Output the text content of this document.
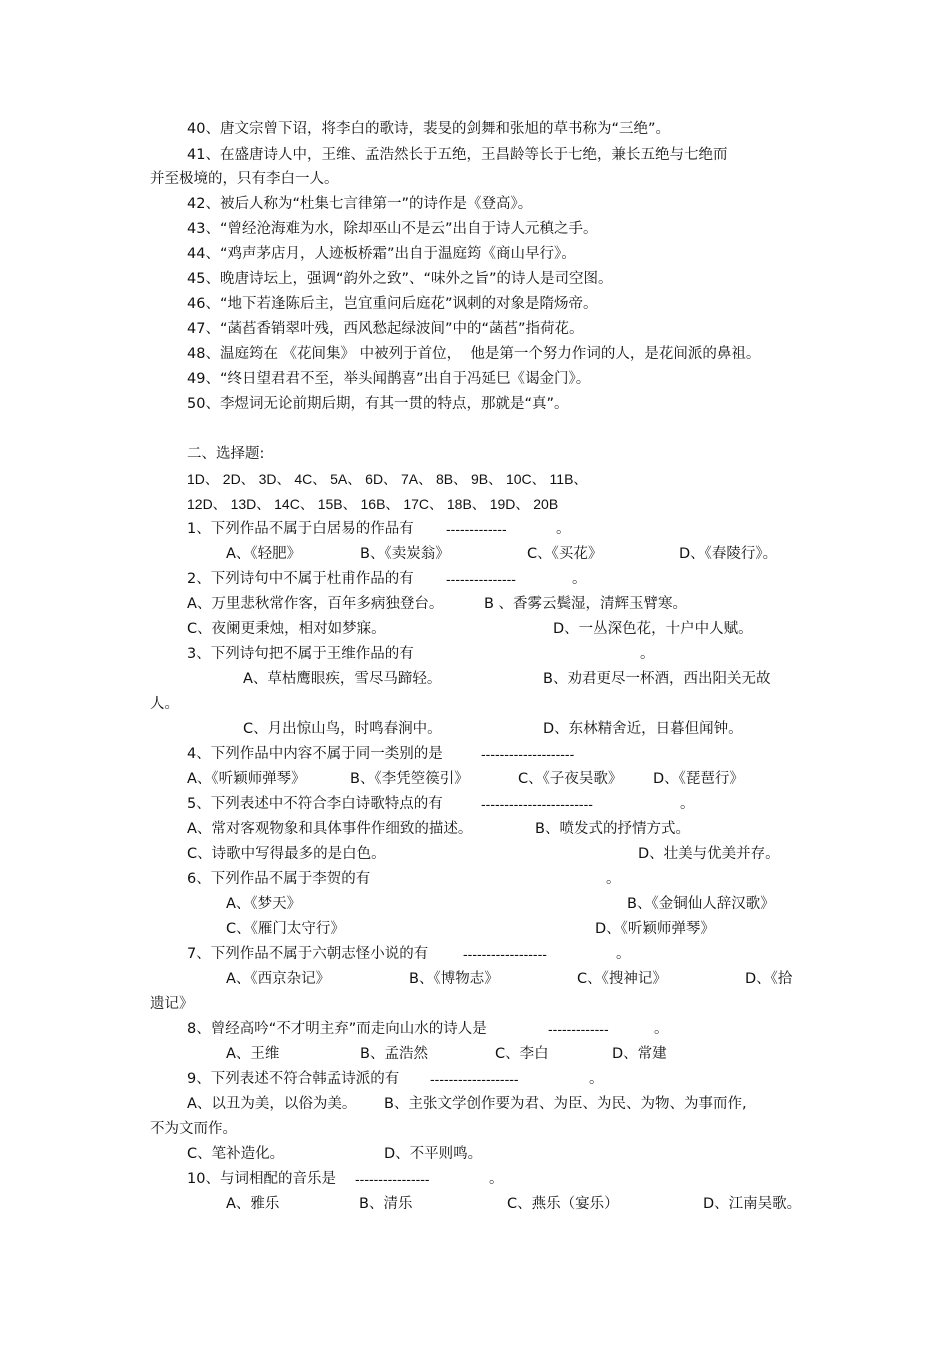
40、唐文宗曾下诏，将李白的歌诗，裴旻的剑舞和张旭的草书称为“三绝”。
41、在盛唐诗人中，王维、孟浩然长于五绝，王昌龄等长于七绝，兼长五绝与七绝而
并至极境的，只有李白一人。
42、被后人称为“杜集七言律第一”的诗作是《登高》。
43、“曾经沧海难为水，除却巫山不是云”出自于诗人元稹之手。
44、“鸡声茅店月，人迹板桥霜”出自于温庭筠《商山早行》。
45、晚唐诗坛上，强调“韵外之致”、“味外之旨”的诗人是司空图。
46、“地下若逢陈后主，岂宜重问后庭花”讽刺的对象是隋炀帝。
47、“菡萏香销翠叶残，西风愁起绿波间”中的“菡萏”指荷花。
48、温庭筠在 《花间集》 中被列于首位，  他是第一个努力作词的人，是花间派的鼻祖。
49、“终日望君君不至，举头闻鹊喜”出自于冯延巳《谒金门》。
50、李煜词无论前期后期，有其一贯的特点，那就是“真”。
二、选择题:
1D、 2D、 3D、 4C、 5A、 6D、 7A、 8B、 9B、 10C、 11B、
12D、 13D、 14C、 15B、 16B、 17C、 18B、 19D、 20B
1、下列作品不属于白居易的作品有 -------------	。
A、《轻肥》	B、《卖炭翁》	C、《买花》	D、《春陵行》。
2、下列诗句中不属于杜甫作品的有 ---------------	。
A、万里悲秋常作客，百年多病独登台。	B 、香雾云鬓湿，清辉玉臂寒。
C、夜阑更秉烛，相对如梦寐。	D、一丛深色花，十户中人赋。
3、下列诗句把不属于王维作品的有	。
A、草枯鹰眼疾，雪尽马蹄轻。	B、劝君更尽一杯酒，西出阳关无故
人。
C、月出惊山鸟，时鸣春涧中。	D、东林精舍近，日暮但闻钟。
4、下列作品中内容不属于同一类别的是	--------------------
A、《听颖师弹琴》	B、《李凭箜篌引》	C、《子夜吴歌》 D、《琵琶行》
5、下列表述中不符合李白诗歌特点的有	------------------------	。
A、常对客观物象和具体事件作细致的描述。	B、喷发式的抒情方式。
C、诗歌中写得最多的是白色。	D、壮美与优美并存。
6、下列作品不属于李贺的有	。
A、《梦天》	B、《金铜仙人辞汉歌》
C、《雁门太守行》	D、《听颖师弹琴》
7、下列作品不属于六朝志怪小说的有 ------------------	。
A、《西京杂记》	B、《博物志》	C、《搜神记》	D、《拾
遗记》
8、曾经高吟“不才明主弃”而走向山水的诗人是	-------------	。
A、王维	B、孟浩然	C、李白	D、常建
9、下列表述不符合韩孟诗派的有 -------------------	。
A、以丑为美，以俗为美。 B、主张文学创作要为君、为臣、为民、为物、为事而作,
不为文而作。
C、笔补造化。	D、不平则鸣。
10、与词相配的音乐是 ----------------	。
A、雅乐	B、清乐	C、燕乐（宴乐）	D、江南吴歌。
